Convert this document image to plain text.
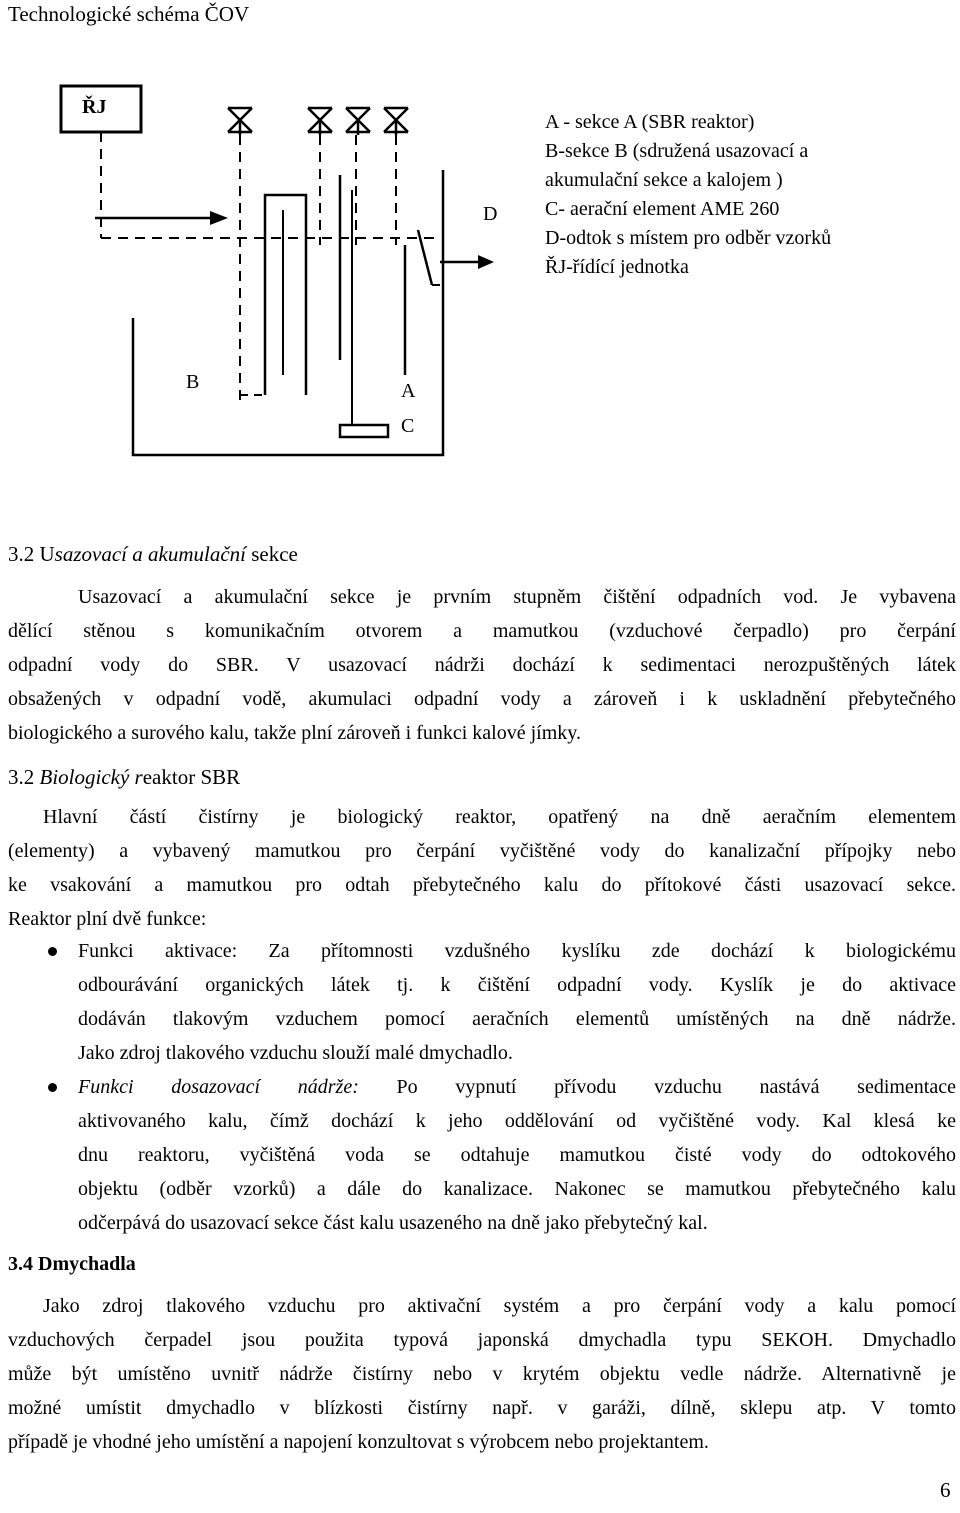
Technologické schéma ČOV
ŘJ
B	A
C
D
A - sekce A (SBR reaktor)
B-sekce B (sdružená usazovací a
akumulační sekce a kalojem )
C- aerační element AME 260
D-odtok s místem pro odběr vzorků
ŘJ-řídící jednotka
3.2 Usazovací a akumulační sekce
Usazovací a akumulační sekce je prvním stupněm čištění odpadních vod. Je vybavena
dělící stěnou s komunikačním otvorem a mamutkou (vzduchové čerpadlo) pro čerpání
odpadní vody do SBR. V usazovací nádrži dochází k sedimentaci nerozpuštěných látek
obsažených v odpadní vodě, akumulaci odpadní vody a zároveň i k uskladnění přebytečného
biologického a surového kalu, takže plní zároveň i funkci kalové jímky.
3.2 Biologický reaktor SBR
Hlavní částí čistírny je biologický reaktor, opatřený na dně aeračním elementem
(elementy) a vybavený mamutkou pro čerpání vyčištěné vody do kanalizační přípojky nebo
ke vsakování a mamutkou pro odtah přebytečného kalu do přítokové části usazovací sekce.
Reaktor plní dvě funkce:
Funkci aktivace: Za přítomnosti vzdušného kyslíku zde dochází k biologickému
odbourávání organických látek tj. k čištění odpadní vody. Kyslík je do aktivace
dodáván tlakovým vzduchem pomocí aeračních elementů umístěných na dně nádrže.
Jako zdroj tlakového vzduchu slouží malé dmychadlo.
Funkci dosazovací nádrže: Po vypnutí přívodu vzduchu nastává sedimentace
aktivovaného kalu, čímž dochází k jeho oddělování od vyčištěné vody. Kal klesá ke
dnu reaktoru, vyčištěná voda se odtahuje mamutkou čisté vody do odtokového
objektu (odběr vzorků) a dále do kanalizace. Nakonec se mamutkou přebytečného kalu
odčerpává do usazovací sekce část kalu usazeného na dně jako přebytečný kal.
3.4 Dmychadla
Jako zdroj tlakového vzduchu pro aktivační systém a pro čerpání vody a kalu pomocí
vzduchových čerpadel jsou použita typová japonská dmychadla typu SEKOH. Dmychadlo
může být umístěno uvnitř nádrže čistírny nebo v krytém objektu vedle nádrže. Alternativně je
možné umístit dmychadlo v blízkosti čistírny např. v garáži, dílně, sklepu atp. V tomto
případě je vhodné jeho umístění a napojení konzultovat s výrobcem nebo projektantem.
6
